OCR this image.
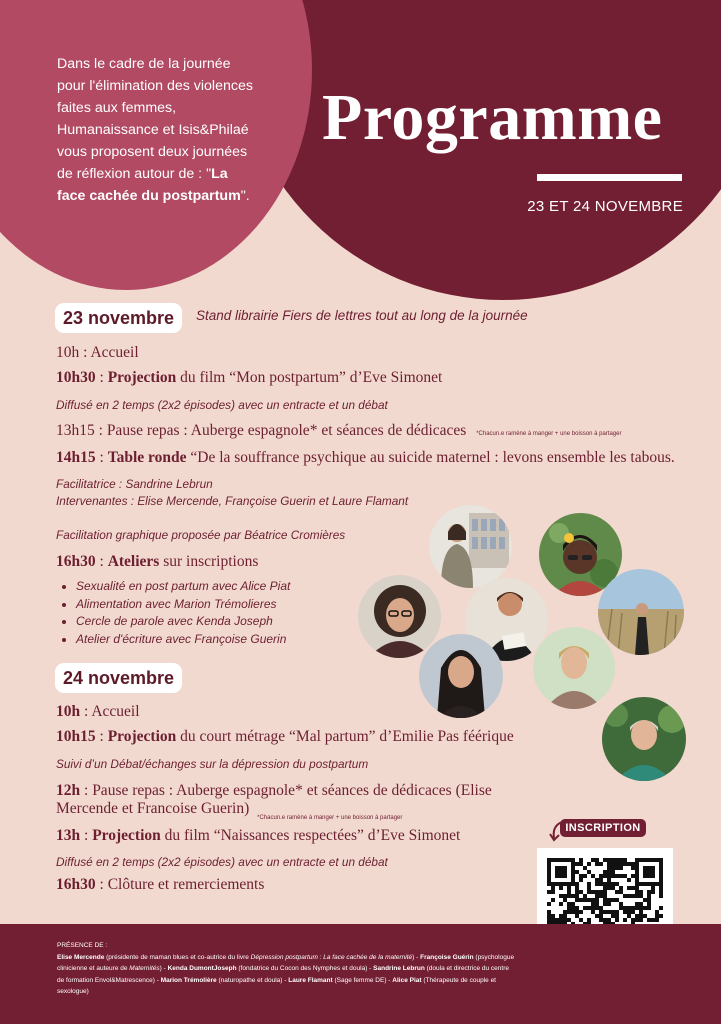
Dans le cadre de la journée pour l'élimination des violences faites aux femmes, Humanaissance et Isis&Philaé vous proposent deux journées de réflexion autour de : "La face cachée du postpartum".
Programme
23 ET 24 NOVEMBRE
23 novembre	Stand librairie Fiers de lettres tout au long de la journée
10h : Accueil
10h30 : Projection du film “Mon postpartum” d’Eve Simonet
Diffusé en 2 temps (2x2 épisodes) avec un entracte et un débat
13h15 : Pause repas : Auberge espagnole* et séances de dédicaces *Chacun.e ramène à manger + une boisson à partager
14h15 : Table ronde “De la souffrance psychique au suicide maternel : levons ensemble les tabous.
Facilitatrice : Sandrine Lebrun
Intervenantes : Elise Mercende, Françoise Guerin et Laure Flamant
Facilitation graphique proposée par Béatrice Cromières
16h30 : Ateliers sur inscriptions
• Sexualité en post partum avec Alice Piat
• Alimentation avec Marion Trémolieres
• Cercle de parole avec Kenda Joseph
• Atelier d'écriture avec Françoise Guerin
24 novembre
10h : Accueil
10h15 : Projection du court métrage “Mal partum” d’Emilie Pas féérique
Suivi d’un Débat/échanges sur la dépression du postpartum
12h : Pause repas : Auberge espagnole* et séances de dédicaces (Elise
Mercende et Francoise Guerin) $_{*Chacun.e ramène à manger + une boisson à partager}$
13h : Projection du film “Naissances respectées” d’Eve Simonet
Diffusé en 2 temps (2x2 épisodes) avec un entracte et un débat
16h30 : Clôture et remerciements
INSCRIPTION
PRÉSENCE DE :
Elise Mercende (présidente de maman blues et co-autrice du livre Dépression postpartum : La face cachée de la maternité) - Françoise Guérin (psychologue clinicienne et auteure de Maternités) - Kenda DumontJoseph (fondatrice du Cocon des Nymphes et doula) - Sandrine Lebrun (doula et directrice du centre de formation Envol&Matrescence) - Marion Trémolière (naturopathe et doula) - Laure Flamant (Sage femme DE) - Alice Piat (Thérapeute de couple et sexologue)
